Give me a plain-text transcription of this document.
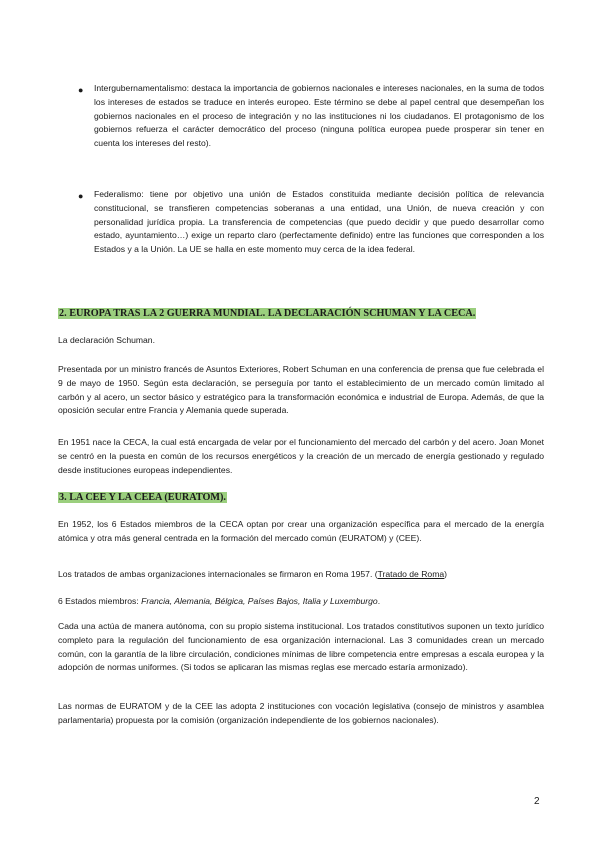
● Intergubernamentalismo: destaca la importancia de gobiernos nacionales e intereses nacionales, en la suma de todos los intereses de estados se traduce en interés europeo. Este término se debe al papel central que desempeñan los gobiernos nacionales en el proceso de integración y no las instituciones ni los ciudadanos. El protagonismo de los gobiernos refuerza el carácter democrático del proceso (ninguna política europea puede prosperar sin tener en cuenta los intereses del resto).
● Federalismo: tiene por objetivo una unión de Estados constituida mediante decisión política de relevancia constitucional, se transfieren competencias soberanas a una entidad, una Unión, de nueva creación y con personalidad jurídica propia. La transferencia de competencias (que puedo decidir y que puedo desarrollar como estado, ayuntamiento…) exige un reparto claro (perfectamente definido) entre las funciones que corresponden a los Estados y a la Unión. La UE se halla en este momento muy cerca de la idea federal.
2. EUROPA TRAS LA 2 GUERRA MUNDIAL. LA DECLARACIÓN SCHUMAN Y LA CECA.

La declaración Schuman.

Presentada por un ministro francés de Asuntos Exteriores, Robert Schuman en una conferencia de prensa que fue celebrada el 9 de mayo de 1950. Según esta declaración, se perseguía por tanto el establecimiento de un mercado común limitado al carbón y al acero, un sector básico y estratégico para la transformación económica e industrial de Europa. Además, de que la oposición secular entre Francia y Alemania quede superada.

En 1951 nace la CECA, la cual está encargada de velar por el funcionamiento del mercado del carbón y del acero. Joan Monet se centró en la puesta en común de los recursos energéticos y la creación de un mercado de energía gestionado y regulado desde instituciones europeas independientes.

3. LA CEE Y LA CEEA (EURATOM).

En 1952, los 6 Estados miembros de la CECA optan por crear una organización específica para el mercado de la energía atómica y otra más general centrada en la formación del mercado común (EURATOM) y (CEE).

Los tratados de ambas organizaciones internacionales se firmaron en Roma 1957. (Tratado de Roma)

6 Estados miembros: Francia, Alemania, Bélgica, Países Bajos, Italia y Luxemburgo.

Cada una actúa de manera autónoma, con su propio sistema institucional. Los tratados constitutivos suponen un texto jurídico completo para la regulación del funcionamiento de esa organización internacional. Las 3 comunidades crean un mercado común, con la garantía de la libre circulación, condiciones mínimas de libre competencia entre empresas a escala europea y la adopción de normas uniformes. (Si todos se aplicaran las mismas reglas ese mercado estaría armonizado).

Las normas de EURATOM y de la CEE las adopta 2 instituciones con vocación legislativa (consejo de ministros y asamblea parlamentaria) propuesta por la comisión (organización independiente de los gobiernos nacionales).

2
